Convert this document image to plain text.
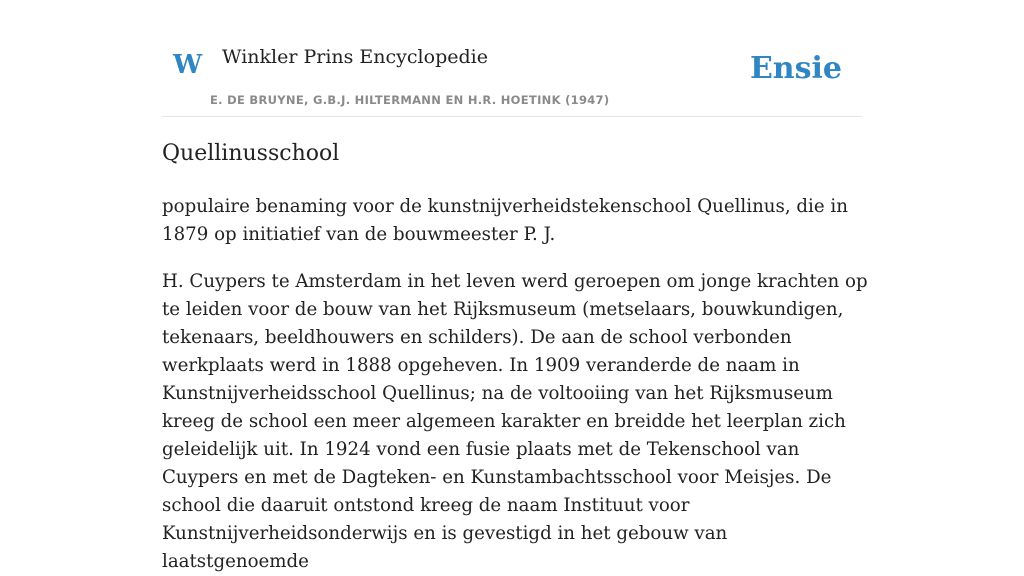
W Winkler Prins Encyclopedie
E. DE BRUYNE, G.B.J. HILTERMANN EN H.R. HOETINK (1947)
Ensie
Quellinusschool

populaire benaming voor de kunstnijverheidstekenschool Quellinus, die in 1879 op initiatief van de bouwmeester P. J.

H. Cuypers te Amsterdam in het leven werd geroepen om jonge krachten op te leiden voor de bouw van het Rijksmuseum (metselaars, bouwkundigen, tekenaars, beeldhouwers en schilders). De aan de school verbonden werkplaats werd in 1888 opgeheven. In 1909 veranderde de naam in Kunstnijverheidsschool Quellinus; na de voltooiing van het Rijksmuseum kreeg de school een meer algemeen karakter en breidde het leerplan zich geleidelijk uit. In 1924 vond een fusie plaats met de Tekenschool van Cuypers en met de Dagteken- en Kunstambachtsschool voor Meisjes. De school die daaruit ontstond kreeg de naam Instituut voor Kunstnijverheidsonderwijs en is gevestigd in het gebouw van laatstgenoemde
